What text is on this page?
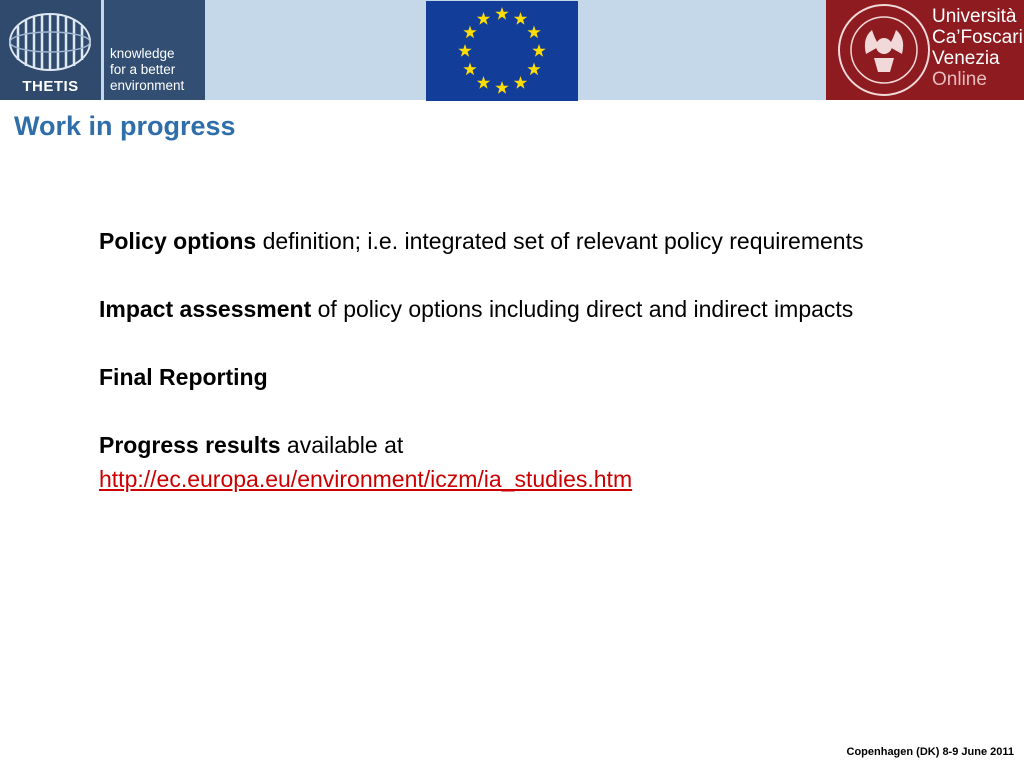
THETIS
knowledge
for a better
environment
Università
Ca’Foscari
Venezia
Online
Work in progress

Policy options definition; i.e. integrated set of relevant policy requirements

Impact assessment of policy options including direct and indirect impacts

Final Reporting

Progress results available at
http://ec.europa.eu/environment/iczm/ia_studies.htm

Copenhagen (DK) 8-9 June 2011
